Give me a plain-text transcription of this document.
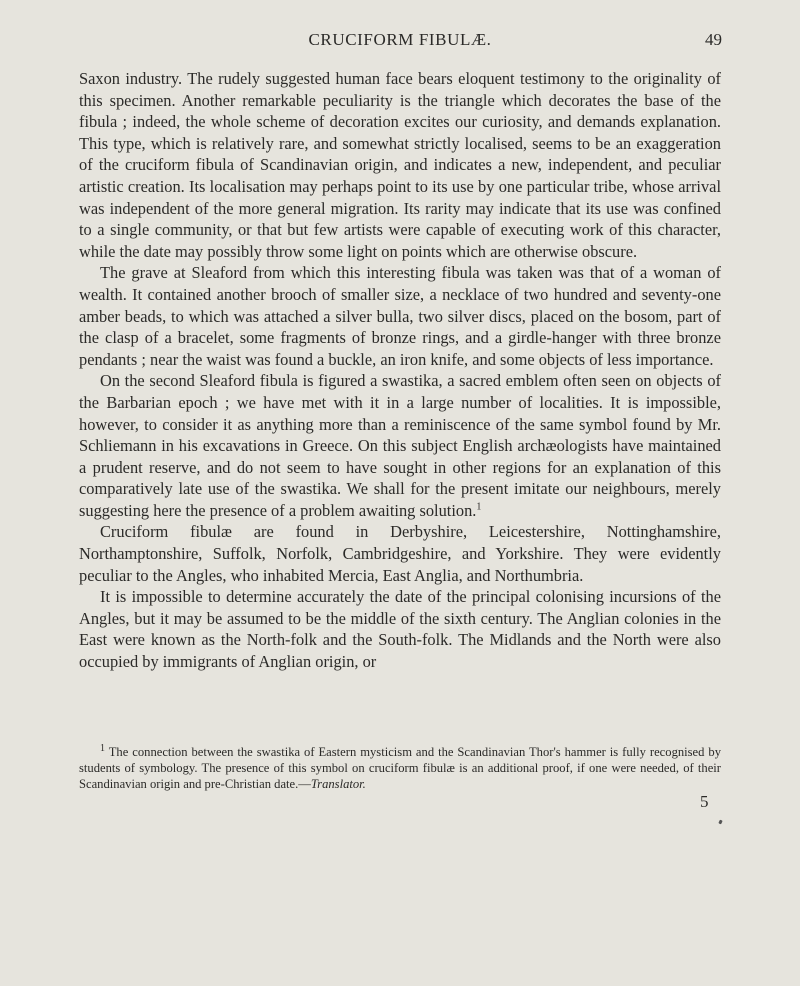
CRUCIFORM FIBULÆ.	49

Saxon industry. The rudely suggested human face bears eloquent testimony to the originality of this specimen. Another remarkable peculiarity is the triangle which decorates the base of the fibula ; indeed, the whole scheme of decoration excites our curiosity, and demands explanation. This type, which is relatively rare, and somewhat strictly localised, seems to be an exaggeration of the cruciform fibula of Scandinavian origin, and indicates a new, independent, and peculiar artistic creation. Its localisation may perhaps point to its use by one particular tribe, whose arrival was independent of the more general migration. Its rarity may indicate that its use was confined to a single community, or that but few artists were capable of executing work of this character, while the date may possibly throw some light on points which are otherwise obscure.

The grave at Sleaford from which this interesting fibula was taken was that of a woman of wealth. It contained another brooch of smaller size, a necklace of two hundred and seventy-one amber beads, to which was attached a silver bulla, two silver discs, placed on the bosom, part of the clasp of a bracelet, some fragments of bronze rings, and a girdle-hanger with three bronze pendants ; near the waist was found a buckle, an iron knife, and some objects of less importance.

On the second Sleaford fibula is figured a swastika, a sacred emblem often seen on objects of the Barbarian epoch ; we have met with it in a large number of localities. It is impossible, however, to consider it as anything more than a reminiscence of the same symbol found by Mr. Schliemann in his excavations in Greece. On this subject English archæologists have maintained a prudent reserve, and do not seem to have sought in other regions for an explanation of this comparatively late use of the swastika. We shall for the present imitate our neighbours, merely suggesting here the presence of a problem awaiting solution.$^1$

Cruciform fibulæ are found in Derbyshire, Leicestershire, Nottinghamshire, Northamptonshire, Suffolk, Norfolk, Cambridgeshire, and Yorkshire. They were evidently peculiar to the Angles, who inhabited Mercia, East Anglia, and Northumbria.

It is impossible to determine accurately the date of the principal colonising incursions of the Angles, but it may be assumed to be the middle of the sixth century. The Anglian colonies in the East were known as the North-folk and the South-folk. The Midlands and the North were also occupied by immigrants of Anglian origin, or

$^1$ The connection between the swastika of Eastern mysticism and the Scandinavian Thor's hammer is fully recognised by students of symbology. The presence of this symbol on cruciform fibulæ is an additional proof, if one were needed, of their Scandinavian origin and pre-Christian date.—Translator.
5
